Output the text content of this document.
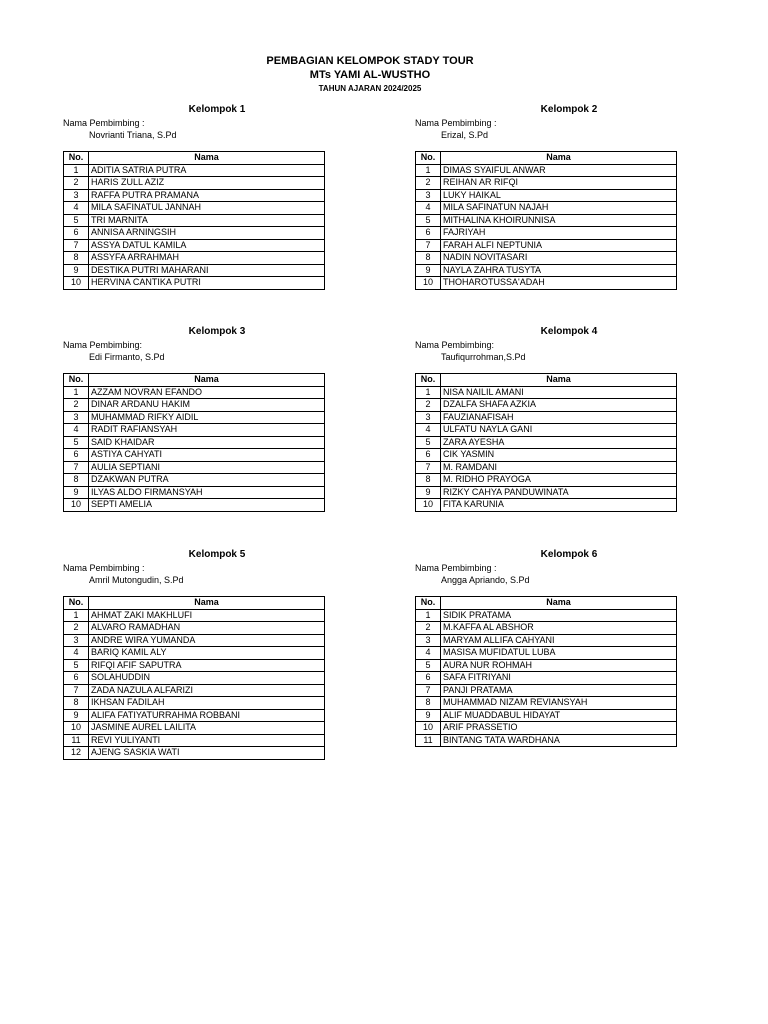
PEMBAGIAN KELOMPOK STADY TOUR
MTs YAMI AL-WUSTHO
TAHUN AJARAN 2024/2025
Kelompok 1
Nama Pembimbing :
Novrianti Triana, S.Pd
No.	Nama
1	ADITIA SATRIA PUTRA
2	HARIS ZULL AZIZ
3	RAFFA PUTRA PRAMANA
4	MILA SAFINATUL JANNAH
5	TRI MARNITA
6	ANNISA ARNINGSIH
7	ASSYA DATUL KAMILA
8	ASSYFA ARRAHMAH
9	DESTIKA PUTRI MAHARANI
10	HERVINA CANTIKA PUTRI
Kelompok 2
Nama Pembimbing :
Erizal, S.Pd
No.	Nama
1	DIMAS SYAIFUL ANWAR
2	REIHAN AR RIFQI
3	LUKY HAIKAL
4	MILA SAFINATUN NAJAH
5	MITHALINA KHOIRUNNISA
6	FAJRIYAH
7	FARAH ALFI NEPTUNIA
8	NADIN NOVITASARI
9	NAYLA ZAHRA TUSYTA
10	THOHAROTUSSA'ADAH
Kelompok 3
Nama Pembimbing:
Edi Firmanto, S.Pd
No.	Nama
1	AZZAM NOVRAN EFANDO
2	DINAR ARDANU HAKIM
3	MUHAMMAD RIFKY AIDIL
4	RADIT RAFIANSYAH
5	SAID KHAIDAR
6	ASTIYA CAHYATI
7	AULIA SEPTIANI
8	DZAKWAN PUTRA
9	ILYAS ALDO FIRMANSYAH
10	SEPTI AMELIA
Kelompok 4
Nama Pembimbing:
Taufiqurrohman,S.Pd
No.	Nama
1	NISA NAILIL AMANI
2	DZALFA SHAFA AZKIA
3	FAUZIANAFISAH
4	ULFATU NAYLA GANI
5	ZARA AYESHA
6	CIK YASMIN
7	M. RAMDANI
8	M. RIDHO PRAYOGA
9	RIZKY CAHYA PANDUWINATA
10	FITA KARUNIA
Kelompok 5
Nama Pembimbing :
Amril Mutongudin, S.Pd
No.	Nama
1	AHMAT ZAKI MAKHLUFI
2	ALVARO RAMADHAN
3	ANDRE WIRA YUMANDA
4	BARIQ KAMIL ALY
5	RIFQI AFIF SAPUTRA
6	SOLAHUDDIN
7	ZADA NAZULA ALFARIZI
8	IKHSAN FADILAH
9	ALIFA FATIYATURRAHMA ROBBANI
10	JASMINE AUREL LAILITA
11	REVI YULIYANTI
12	AJENG SASKIA WATI
Kelompok 6
Nama Pembimbing :
Angga Apriando, S.Pd
No.	Nama
1	SIDIK PRATAMA
2	M.KAFFA AL ABSHOR
3	MARYAM ALLIFA CAHYANI
4	MASISA MUFIDATUL LUBA
5	AURA NUR ROHMAH
6	SAFA FITRIYANI
7	PANJI PRATAMA
8	MUHAMMAD NIZAM REVIANSYAH
9	ALIF MUADDABUL HIDAYAT
10	ARIF PRASSETIO
11	BINTANG TATA WARDHANA
